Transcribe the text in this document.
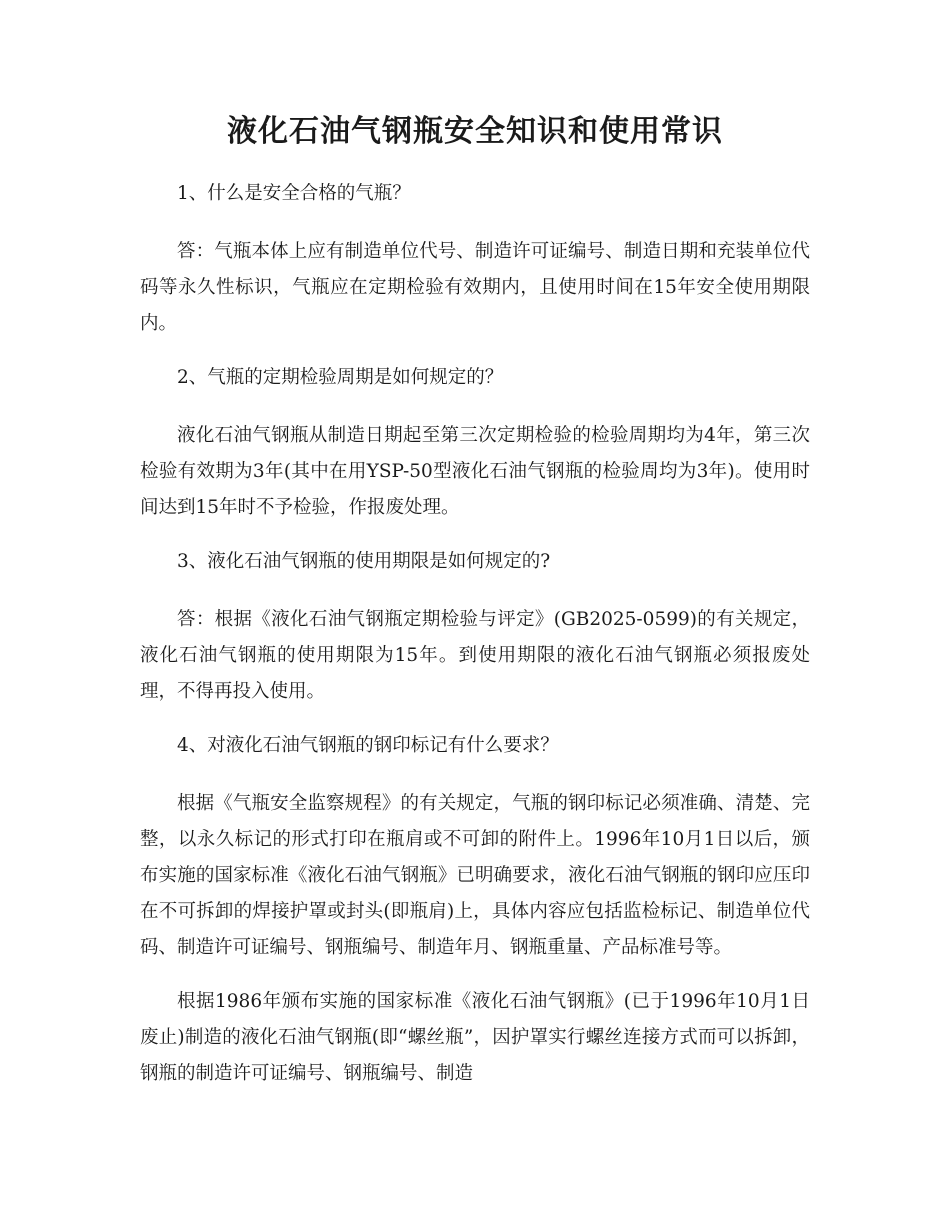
液化石油气钢瓶安全知识和使用常识

1、什么是安全合格的气瓶？

答：气瓶本体上应有制造单位代号、制造许可证编号、制造日期和充装单位代码等永久性标识，气瓶应在定期检验有效期内，且使用时间在15年安全使用期限内。

2、气瓶的定期检验周期是如何规定的？

液化石油气钢瓶从制造日期起至第三次定期检验的检验周期均为4年，第三次检验有效期为3年(其中在用YSP-50型液化石油气钢瓶的检验周均为3年)。使用时间达到15年时不予检验，作报废处理。

3、液化石油气钢瓶的使用期限是如何规定的?

答：根据《液化石油气钢瓶定期检验与评定》(GB2025-0599)的有关规定，液化石油气钢瓶的使用期限为15年。到使用期限的液化石油气钢瓶必须报废处理，不得再投入使用。

4、对液化石油气钢瓶的钢印标记有什么要求？

根据《气瓶安全监察规程》的有关规定，气瓶的钢印标记必须准确、清楚、完整，以永久标记的形式打印在瓶肩或不可卸的附件上。1996年10月1日以后，颁布实施的国家标准《液化石油气钢瓶》已明确要求，液化石油气钢瓶的钢印应压印在不可拆卸的焊接护罩或封头(即瓶肩)上，具体内容应包括监检标记、制造单位代码、制造许可证编号、钢瓶编号、制造年月、钢瓶重量、产品标准号等。

根据1986年颁布实施的国家标准《液化石油气钢瓶》(已于1996年10月1日废止)制造的液化石油气钢瓶(即“螺丝瓶”，因护罩实行螺丝连接方式而可以拆卸，钢瓶的制造许可证编号、钢瓶编号、制造
